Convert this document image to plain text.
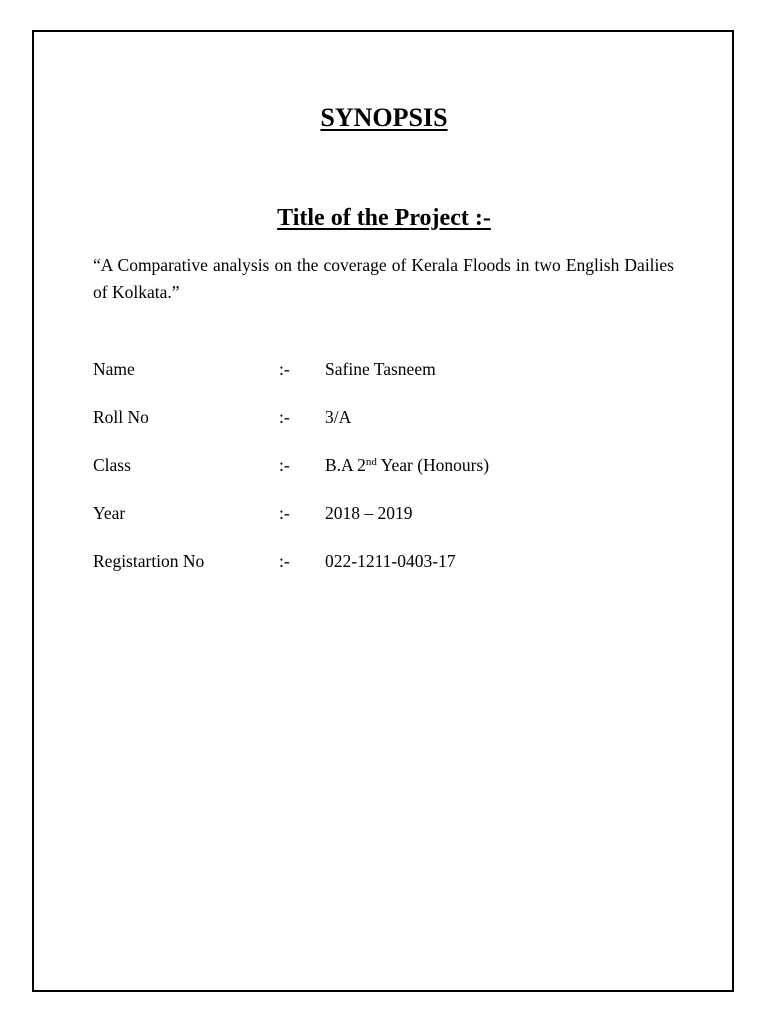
SYNOPSIS
Title of the Project :-
“A Comparative analysis on the coverage of Kerala Floods in two English Dailies of Kolkata.”
Name	:- Safine Tasneem
Roll No	:- 3/A
Class	:- B.A 2nd Year (Honours)
Year	:- 2018 – 2019
Registartion No	:- 022-1211-0403-17
